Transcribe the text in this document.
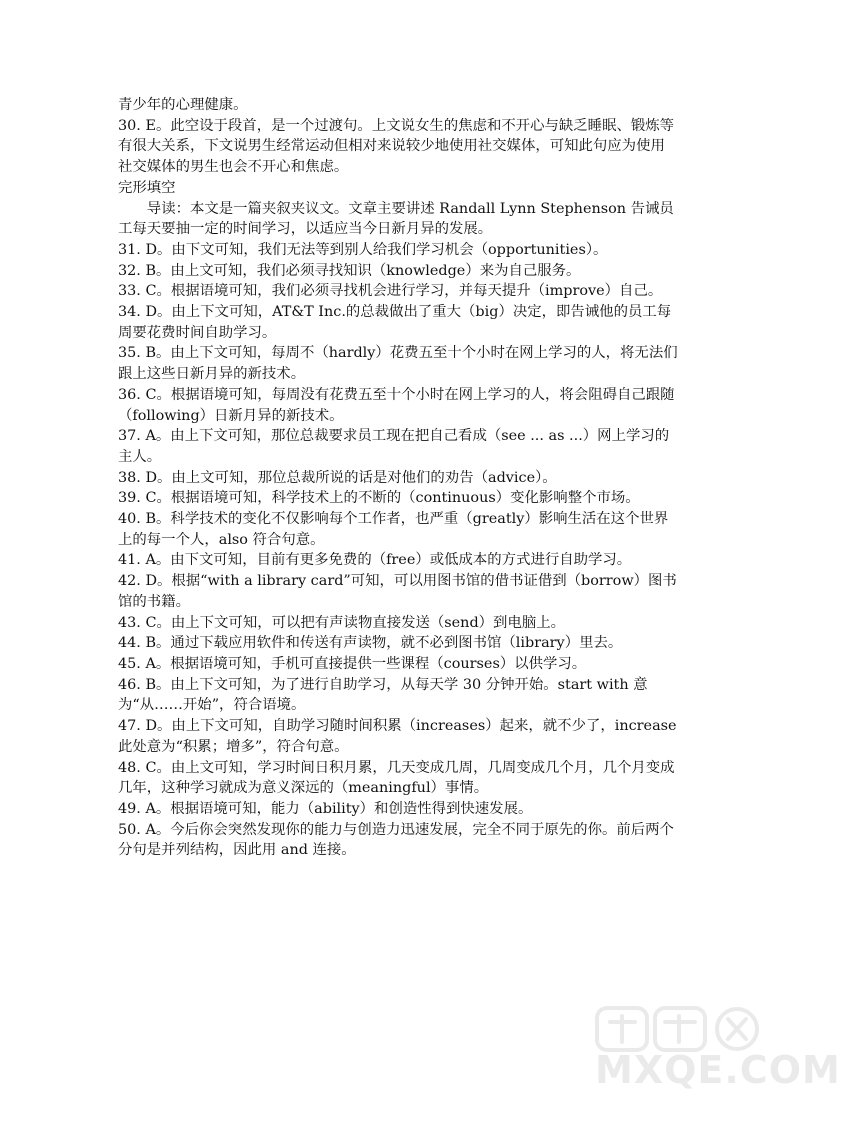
青少年的心理健康。
30. E。此空设于段首，是一个过渡句。上文说女生的焦虑和不开心与缺乏睡眠、锻炼等有很大关系，下文说男生经常运动但相对来说较少地使用社交媒体，可知此句应为使用社交媒体的男生也会不开心和焦虑。
完形填空
导读：本文是一篇夹叙夹议文。文章主要讲述 Randall Lynn Stephenson 告诫员工每天要抽一定的时间学习，以适应当今日新月异的发展。
31. D。由下文可知，我们无法等到别人给我们学习机会（opportunities）。
32. B。由上文可知，我们必须寻找知识（knowledge）来为自己服务。
33. C。根据语境可知，我们必须寻找机会进行学习，并每天提升（improve）自己。
34. D。由上下文可知，AT&T Inc.的总裁做出了重大（big）决定，即告诫他的员工每周要花费时间自助学习。
35. B。由上下文可知，每周不（hardly）花费五至十个小时在网上学习的人，将无法们跟上这些日新月异的新技术。
36. C。根据语境可知，每周没有花费五至十个小时在网上学习的人，将会阻碍自己跟随（following）日新月异的新技术。
37. A。由上下文可知，那位总裁要求员工现在把自己看成（see ... as ...）网上学习的主人。
38. D。由上文可知，那位总裁所说的话是对他们的劝告（advice）。
39. C。根据语境可知，科学技术上的不断的（continuous）变化影响整个市场。
40. B。科学技术的变化不仅影响每个工作者，也严重（greatly）影响生活在这个世界上的每一个人，also 符合句意。
41. A。由下文可知，目前有更多免费的（free）或低成本的方式进行自助学习。
42. D。根据“with a library card”可知，可以用图书馆的借书证借到（borrow）图书馆的书籍。
43. C。由上下文可知，可以把有声读物直接发送（send）到电脑上。
44. B。通过下载应用软件和传送有声读物，就不必到图书馆（library）里去。
45. A。根据语境可知，手机可直接提供一些课程（courses）以供学习。
46. B。由上下文可知，为了进行自助学习，从每天学 30 分钟开始。start with 意为“从……开始”，符合语境。
47. D。由上下文可知，自助学习随时间积累（increases）起来，就不少了，increase 此处意为“积累；增多”，符合句意。
48. C。由上文可知，学习时间日积月累，几天变成几周，几周变成几个月，几个月变成几年，这种学习就成为意义深远的（meaningful）事情。
49. A。根据语境可知，能力（ability）和创造性得到快速发展。
50. A。今后你会突然发现你的能力与创造力迅速发展，完全不同于原先的你。前后两个分句是并列结构，因此用 and 连接。
MXQE.COM
